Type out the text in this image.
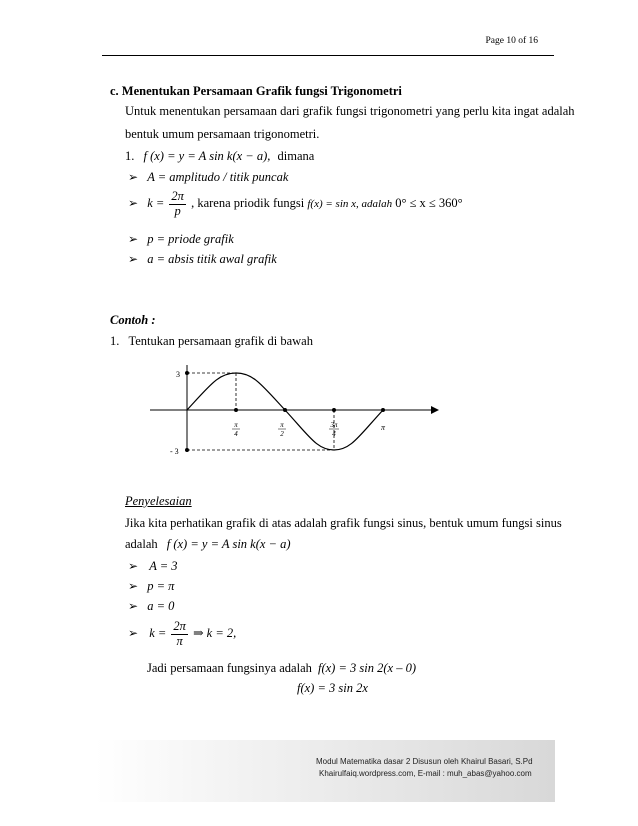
Page 10 of 16
c. Menentukan Persamaan Grafik fungsi Trigonometri
Untuk menentukan persamaan dari grafik fungsi trigonometri yang perlu kita ingat adalah
bentuk umum persamaan trigonometri.
1. f (x) = y = A sin k(x − a), dimana
➢ A = amplitudo / titik puncak
➢ $k = \frac{2\pi}{p}$ , karena priodik fungsi f(x) = sin x, adalah 0° ≤ x ≤ 360°
➢ p = priode grafik
➢ a = absis titik awal grafik
Contoh :
1. Tentukan persamaan grafik di bawah
3
- 3
π
4
π
2
3π
4
π
Penyelesaian
Jika kita perhatikan grafik di atas adalah grafik fungsi sinus, bentuk umum fungsi sinus
adalah f (x) = y = A sin k(x − a)
➢ A = 3
➢ p = π
➢ a = 0
➢ $k = \frac{2\pi}{\pi}$ ⇒ k = 2,
Jadi persamaan fungsinya adalah f(x) = 3 sin 2(x – 0)
f(x) = 3 sin 2x
Modul Matematika dasar 2 Disusun oleh Khairul Basari, S.Pd
Khairulfaiq.wordpress.com, E-mail : muh_abas@yahoo.com
